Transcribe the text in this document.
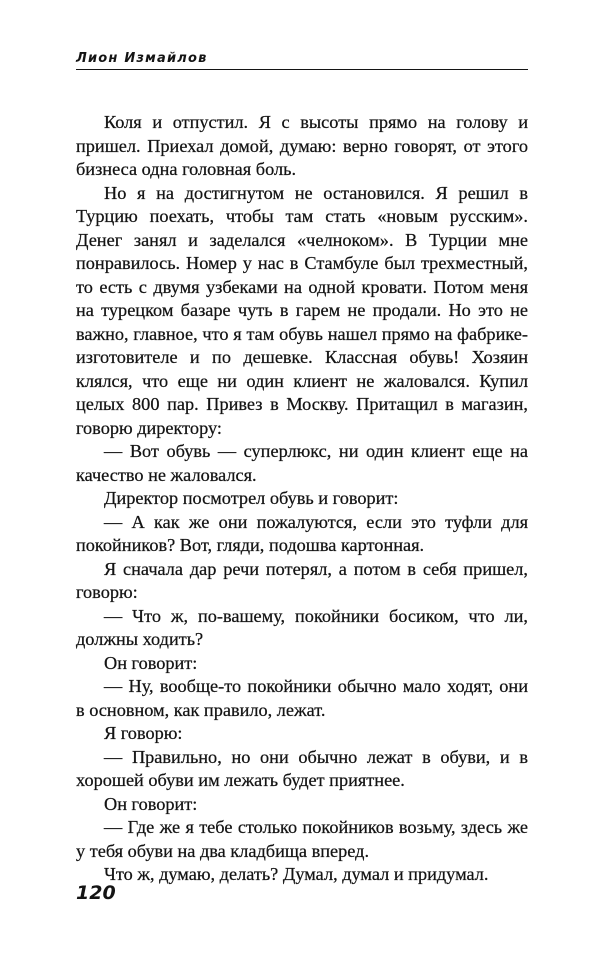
Лион Измайлов

Коля и отпустил. Я с высоты прямо на голову и пришел. Приехал домой, думаю: верно говорят, от этого бизнеса одна головная боль.

Но я на достигнутом не остановился. Я решил в Турцию поехать, чтобы там стать «новым русским». Денег занял и заделался «челноком». В Турции мне понравилось. Номер у нас в Стамбуле был трехместный, то есть с двумя узбеками на одной кровати. Потом меня на турецком базаре чуть в гарем не продали. Но это не важно, главное, что я там обувь нашел прямо на фабрике-изготовителе и по дешевке. Классная обувь! Хозяин клялся, что еще ни один клиент не жаловался. Купил целых 800 пар. Привез в Москву. Притащил в магазин, говорю директору:

— Вот обувь — суперлюкс, ни один клиент еще на качество не жаловался.

Директор посмотрел обувь и говорит:

— А как же они пожалуются, если это туфли для покойников? Вот, гляди, подошва картонная.

Я сначала дар речи потерял, а потом в себя пришел, говорю:

— Что ж, по-вашему, покойники босиком, что ли, должны ходить?

Он говорит:

— Ну, вообще-то покойники обычно мало ходят, они в основном, как правило, лежат.

Я говорю:

— Правильно, но они обычно лежат в обуви, и в хорошей обуви им лежать будет приятнее.

Он говорит:

— Где же я тебе столько покойников возьму, здесь же у тебя обуви на два кладбища вперед.

Что ж, думаю, делать? Думал, думал и придумал.

120
